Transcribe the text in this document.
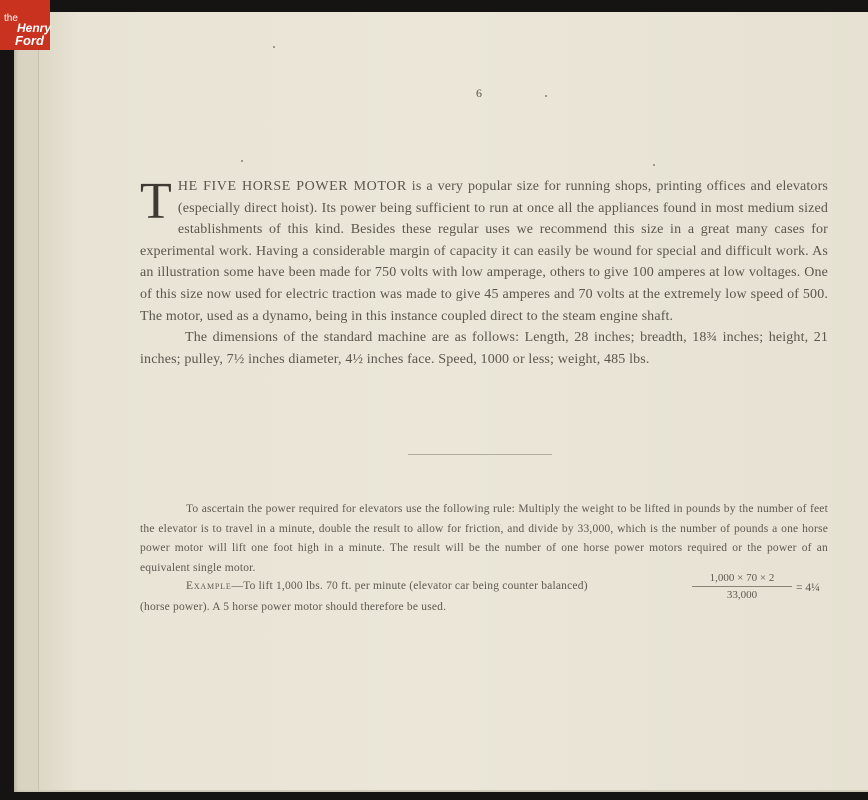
the
Henry
Ford
6

THE FIVE HORSE POWER MOTOR is a very popular size for running shops, printing offices and elevators (especially direct hoist). Its power being sufficient to run at once all the appliances found in most medium sized establishments of this kind. Besides these regular uses we recommend this size in a great many cases for experimental work. Having a considerable margin of capacity it can easily be wound for special and difficult work. As an illustration some have been made for 750 volts with low amperage, others to give 100 amperes at low voltages. One of this size now used for electric traction was made to give 45 amperes and 70 volts at the extremely low speed of 500. The motor, used as a dynamo, being in this instance coupled direct to the steam engine shaft.

The dimensions of the standard machine are as follows: Length, 28 inches; breadth, 18¾ inches; height, 21 inches; pulley, 7½ inches diameter, 4½ inches face. Speed, 1000 or less; weight, 485 lbs.

To ascertain the power required for elevators use the following rule: Multiply the weight to be lifted in pounds by the number of feet the elevator is to travel in a minute, double the result to allow for friction, and divide by 33,000, which is the number of pounds a one horse power motor will lift one foot high in a minute. The result will be the number of one horse power motors required or the power of an equivalent single motor.

Example—To lift 1,000 lbs. 70 ft. per minute (elevator car being counter balanced)	$\frac{1,000 \times 70 \times 2}{33,000}$ = 4¼
(horse power). A 5 horse power motor should therefore be used.
